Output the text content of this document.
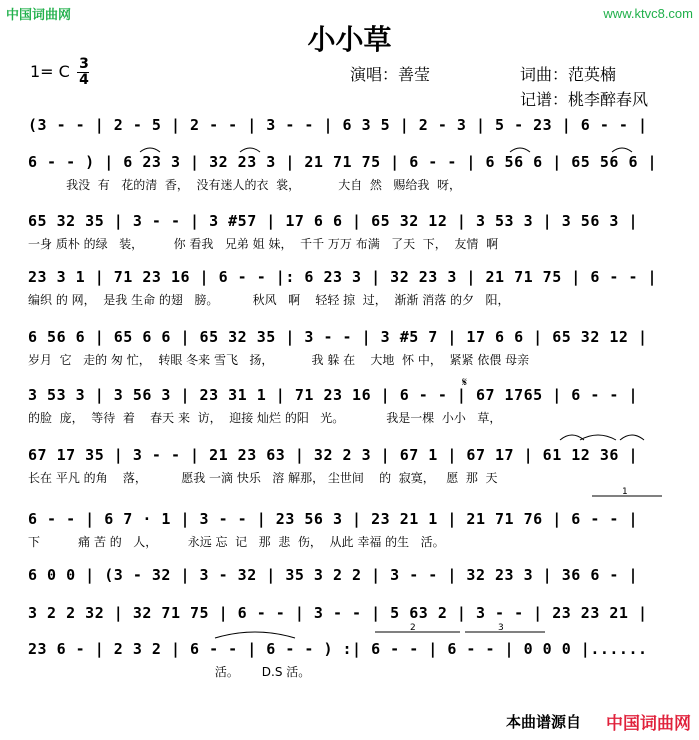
中国词曲网	www.ktvc8.com
小小草
1= C 3
4	演唱：善莹	词曲：范英楠
记谱：桃李醉春风
(3 - - | 2 - 5 | 2 - - | 3 - - | 6 3 5 | 2 - 3 | 5 - 23 | 6 - - |
6 - - ) | 6 23 3 | 32 23 3 | 21 71 75 | 6 - - | 6 56 6 | 65 56 6 |
我没  有   花的清  香，  没有迷人的衣  裳，          大自  然   赐给我  呀，
65 32 35 | 3 - - | 3 #57 | 17 6 6 | 65 32 12 | 3 53 3 | 3 56 3 |
一身 质朴 的绿   装，        你 看我   兄弟 姐 妹，  千千 万万 布满   了天  下，  友情  啊
23 3 1 | 71 23 16 | 6 - - |: 6 23 3 | 32 23 3 | 21 71 75 | 6 - - |
编织 的 网，  是我 生命 的翅   膀。         秋风   啊    轻轻 掠  过，  渐渐 消落 的夕   阳，
6 56 6 | 65 6 6 | 65 32 35 | 3 - - | 3 #5 7 | 17 6 6 | 65 32 12 |
岁月  它   走的 匆 忙，  转眼 冬来 雪飞   扬，          我 躲 在    大地  怀 中，  紧紧 依偎 母亲
3 53 3 | 3 56 3 | 23 31 1 | 71 23 16 | 6 - - | 67 1765 | 6 - - |
的脸  庞，  等待  着    春天 来  访，  迎接 灿烂 的阳   光。           我是一棵  小小   草，
67 17 35 | 3 - - | 21 23 63 | 32 2 3 | 67 1 | 67 17 | 61 12 36 |
长在 平凡 的角    落，         愿我 一滴 快乐   溶 解那， 尘世间    的  寂寞，   愿  那  天
6 - - | 6 7 · 1 | 3 - - | 23 56 3 | 23 21 1 | 21 71 76 | 6 - - |
下          痛 苦 的   人，        永远 忘  记   那  悲  伤，  从此 幸福 的生   活。
6 0 0 | (3 - 32 | 3 - 32 | 35 3 2 2 | 3 - - | 32 23 3 | 36 6 - |
3 2 2 32 | 32 71 75 | 6 - - | 3 - - | 5 63 2 | 3 - - | 23 23 21 |
23 6 - | 2 3 2 | 6 - - | 6 - - ) :| 6 - - | 6 - - | 0 0 0 |......
活。      D.S 活。
1
2	3
𝄋
本曲谱源自 中国词曲网
